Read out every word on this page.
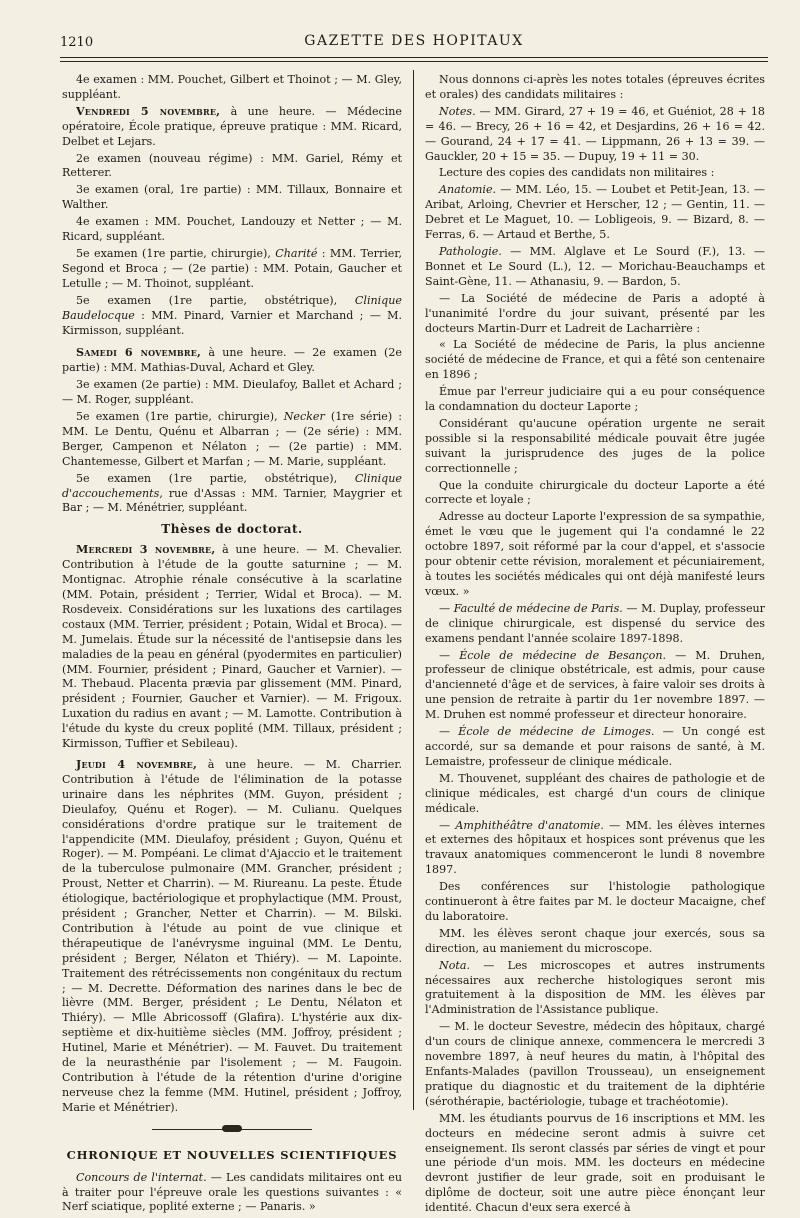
1210	GAZETTE DES HOPITAUX

4e examen : MM. Pouchet, Gilbert et Thoinot ; — M. Gley, suppléant.

Vendredi 5 novembre, à une heure. — Médecine opératoire, École pratique, épreuve pratique : MM. Ricard, Delbet et Lejars.

2e examen (nouveau régime) : MM. Gariel, Rémy et Retterer.

3e examen (oral, 1re partie) : MM. Tillaux, Bonnaire et Walther.

4e examen : MM. Pouchet, Landouzy et Netter ; — M. Ricard, suppléant.

5e examen (1re partie, chirurgie), Charité : MM. Terrier, Segond et Broca ; — (2e partie) : MM. Potain, Gaucher et Letulle ; — M. Thoinot, suppléant.

5e examen (1re partie, obstétrique), Clinique Baudelocque : MM. Pinard, Varnier et Marchand ; — M. Kirmisson, suppléant.

Samedi 6 novembre, à une heure. — 2e examen (2e partie) : MM. Mathias-Duval, Achard et Gley.

3e examen (2e partie) : MM. Dieulafoy, Ballet et Achard ; — M. Roger, suppléant.

5e examen (1re partie, chirurgie), Necker (1re série) : MM. Le Dentu, Quénu et Albarran ; — (2e série) : MM. Berger, Campenon et Nélaton ; — (2e partie) : MM. Chantemesse, Gilbert et Marfan ; — M. Marie, suppléant.

5e examen (1re partie, obstétrique), Clinique d'accouchements, rue d'Assas : MM. Tarnier, Maygrier et Bar ; — M. Ménétrier, suppléant.

Thèses de doctorat.

Mercredi 3 novembre, à une heure. — M. Chevalier. Contribution à l'étude de la goutte saturnine ; — M. Montignac. Atrophie rénale consécutive à la scarlatine (MM. Potain, président ; Terrier, Widal et Broca). — M. Rosdeveix. Considérations sur les luxations des cartilages costaux (MM. Terrier, président ; Potain, Widal et Broca). — M. Jumelais. Étude sur la nécessité de l'antisepsie dans les maladies de la peau en général (pyodermites en particulier) (MM. Fournier, président ; Pinard, Gaucher et Varnier). — M. Thebaud. Placenta prævia par glissement (MM. Pinard, président ; Fournier, Gaucher et Varnier). — M. Frigoux. Luxation du radius en avant ; — M. Lamotte. Contribution à l'étude du kyste du creux poplité (MM. Tillaux, président ; Kirmisson, Tuffier et Sebileau).

Jeudi 4 novembre, à une heure. — M. Charrier. Contribution à l'étude de l'élimination de la potasse urinaire dans les néphrites (MM. Guyon, président ; Dieulafoy, Quénu et Roger). — M. Culianu. Quelques considérations d'ordre pratique sur le traitement de l'appendicite (MM. Dieulafoy, président ; Guyon, Quénu et Roger). — M. Pompéani. Le climat d'Ajaccio et le traitement de la tuberculose pulmonaire (MM. Grancher, président ; Proust, Netter et Charrin). — M. Riureanu. La peste. Étude étiologique, bactériologique et prophylactique (MM. Proust, président ; Grancher, Netter et Charrin). — M. Bilski. Contribution à l'étude au point de vue clinique et thérapeutique de l'anévrysme inguinal (MM. Le Dentu, président ; Berger, Nélaton et Thiéry). — M. Lapointe. Traitement des rétrécissements non congénitaux du rectum ; — M. Decrette. Déformation des narines dans le bec de lièvre (MM. Berger, président ; Le Dentu, Nélaton et Thiéry). — Mlle Abricossoff (Glafira). L'hystérie aux dix-septième et dix-huitième siècles (MM. Joffroy, président ; Hutinel, Marie et Ménétrier). — M. Fauvet. Du traitement de la neurasthénie par l'isolement ; — M. Faugoin. Contribution à l'étude de la rétention d'urine d'origine nerveuse chez la femme (MM. Hutinel, président ; Joffroy, Marie et Ménétrier).

CHRONIQUE ET NOUVELLES SCIENTIFIQUES

Concours de l'internat. — Les candidats militaires ont eu à traiter pour l'épreuve orale les questions suivantes : « Nerf sciatique, poplité externe ; — Panaris. »

Nous donnons ci-après les notes totales (épreuves écrites et orales) des candidats militaires :

Notes. — MM. Girard, 27 + 19 = 46, et Guéniot, 28 + 18 = 46. — Brecy, 26 + 16 = 42, et Desjardins, 26 + 16 = 42. — Gourand, 24 + 17 = 41. — Lippmann, 26 + 13 = 39. — Gauckler, 20 + 15 = 35. — Dupuy, 19 + 11 = 30.

Lecture des copies des candidats non militaires :

Anatomie. — MM. Léo, 15. — Loubet et Petit-Jean, 13. — Aribat, Arloing, Chevrier et Herscher, 12 ; — Gentin, 11. — Debret et Le Maguet, 10. — Lobligeois, 9. — Bizard, 8. — Ferras, 6. — Artaud et Berthe, 5.

Pathologie. — MM. Alglave et Le Sourd (F.), 13. — Bonnet et Le Sourd (L.), 12. — Morichau-Beauchamps et Saint-Gène, 11. — Athanasiu, 9. — Bardon, 5.

— La Société de médecine de Paris a adopté à l'unanimité l'ordre du jour suivant, présenté par les docteurs Martin-Durr et Ladreit de Lacharrière :

« La Société de médecine de Paris, la plus ancienne société de médecine de France, et qui a fêté son centenaire en 1896 ;

Émue par l'erreur judiciaire qui a eu pour conséquence la condamnation du docteur Laporte ;

Considérant qu'aucune opération urgente ne serait possible si la responsabilité médicale pouvait être jugée suivant la jurisprudence des juges de la police correctionnelle ;

Que la conduite chirurgicale du docteur Laporte a été correcte et loyale ;

Adresse au docteur Laporte l'expression de sa sympathie, émet le vœu que le jugement qui l'a condamné le 22 octobre 1897, soit réformé par la cour d'appel, et s'associe pour obtenir cette révision, moralement et pécuniairement, à toutes les sociétés médicales qui ont déjà manifesté leurs vœux. »

— Faculté de médecine de Paris. — M. Duplay, professeur de clinique chirurgicale, est dispensé du service des examens pendant l'année scolaire 1897-1898.

— École de médecine de Besançon. — M. Druhen, professeur de clinique obstétricale, est admis, pour cause d'ancienneté d'âge et de services, à faire valoir ses droits à une pension de retraite à partir du 1er novembre 1897. — M. Druhen est nommé professeur et directeur honoraire.

— École de médecine de Limoges. — Un congé est accordé, sur sa demande et pour raisons de santé, à M. Lemaistre, professeur de clinique médicale.

M. Thouvenet, suppléant des chaires de pathologie et de clinique médicales, est chargé d'un cours de clinique médicale.

— Amphithéâtre d'anatomie. — MM. les élèves internes et externes des hôpitaux et hospices sont prévenus que les travaux anatomiques commenceront le lundi 8 novembre 1897.

Des conférences sur l'histologie pathologique continueront à être faites par M. le docteur Macaigne, chef du laboratoire.

MM. les élèves seront chaque jour exercés, sous sa direction, au maniement du microscope.

Nota. — Les microscopes et autres instruments nécessaires aux recherche histologiques seront mis gratuitement à la disposition de MM. les élèves par l'Administration de l'Assistance publique.

— M. le docteur Sevestre, médecin des hôpitaux, chargé d'un cours de clinique annexe, commencera le mercredi 3 novembre 1897, à neuf heures du matin, à l'hôpital des Enfants-Malades (pavillon Trousseau), un enseignement pratique du diagnostic et du traitement de la diphtérie (sérothérapie, bactériologie, tubage et trachéotomie).

MM. les étudiants pourvus de 16 inscriptions et MM. les docteurs en médecine seront admis à suivre cet enseignement. Ils seront classés par séries de vingt et pour une période d'un mois. MM. les docteurs en médecine devront justifier de leur grade, soit en produisant le diplôme de docteur, soit une autre pièce énonçant leur identité. Chacun d'eux sera exercé à
